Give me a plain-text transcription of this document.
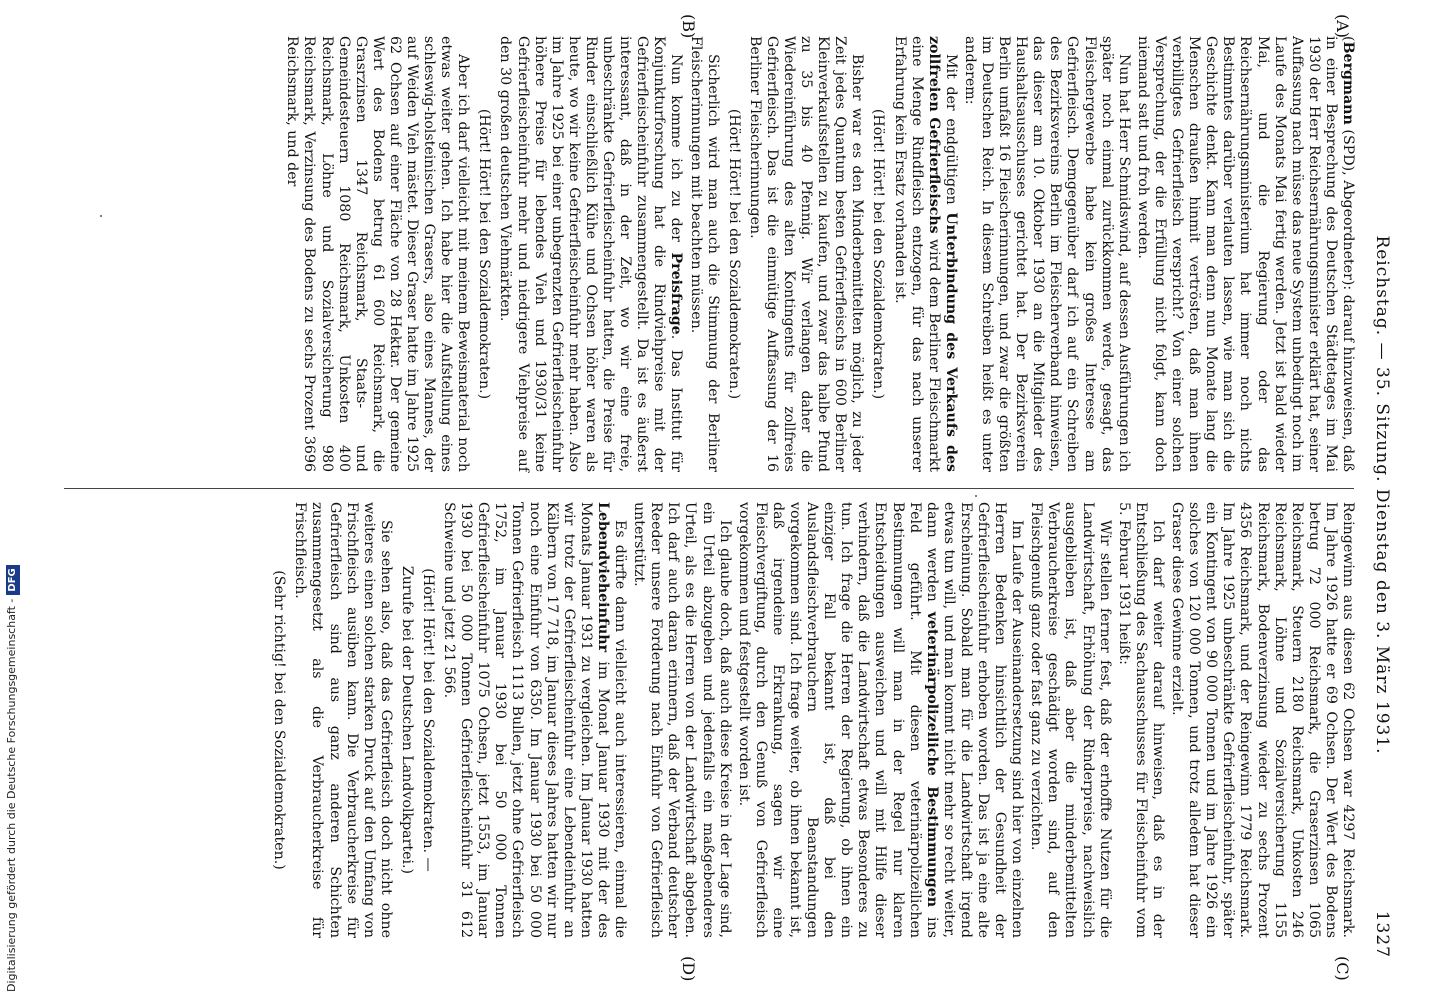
Reichstag. — 35. Sitzung. Dienstag den 3. März 1931.
1327
(A)
(B)
(C)
(D)

(Bergmann (SPD), Abgeordneter): darauf hinzuweisen, daß in einer Besprechung des Deutschen Städtetages im Mai 1930 der Herr Reichsernährungsminister erklärt hat, seiner Auffassung nach müsse das neue System unbedingt noch im Laufe des Monats Mai fertig werden. Jetzt ist bald wieder Mai, und die Regierung oder das Reichsernährungsministerium hat immer noch nichts Bestimmtes darüber verlauten lassen, wie man sich die Geschichte denkt. Kann man denn nun Monate lang die Menschen draußen hinmit vertrösten, daß man ihnen verbilligtes Gefrierfleisch verspricht? Von einer solchen Versprechung, der die Erfüllung nicht folgt, kann doch niemand satt und froh werden.

Nun hat Herr Schmidswind, auf dessen Ausführungen ich später noch einmal zurückkommen werde, gesagt, das Fleischergewerbe habe kein großes Interesse am Gefrierfleisch. Demgegenüber darf ich auf ein Schreiben des Bezirksvereins Berlin im Fleischerverband hinweisen, das dieser am 10. Oktober 1930 an die Mitglieder des Haushaltsausschusses gerichtet hat. Der Bezirksverein Berlin umfaßt 16 Fleischerinnungen, und zwar die größten im Deutschen Reich. In diesem Schreiben heißt es unter anderem:

Mit der endgültigen Unterbindung des Verkaufs des zollfreien Gefrierfleischs wird dem Berliner Fleischmarkt eine Menge Rindfleisch entzogen, für das nach unserer Erfahrung kein Ersatz vorhanden ist.

(Hört! Hört! bei den Sozialdemokraten.)

Bisher war es den Minderbemittelten möglich, zu jeder Zeit jedes Quantum besten Gefrierfleischs in 600 Berliner Kleinverkaufsstellen zu kaufen, und zwar das halbe Pfund zu 35 bis 40 Pfennig. Wir verlangen daher die Wiedereinführung des alten Kontingents für zollfreies Gefrierfleisch. Das ist die einmütige Auffassung der 16 Berliner Fleischerinnungen.

(Hört! Hört! bei den Sozialdemokraten.)

Sicherlich wird man auch die Stimmung der Berliner Fleischerinnungen mit beachten müssen.

Nun komme ich zu der Preisfrage. Das Institut für Konjunkturforschung hat die Rindviehpreise mit der Gefrierfleischeinfuhr zusammengestellt. Da ist es äußerst interessant, daß in der Zeit, wo wir eine freie, unbeschränkte Gefrierfleischeinfuhr hatten, die Preise für Rinder einschließlich Kühe und Ochsen höher waren als heute, wo wir keine Gefrierfleischeinfuhr mehr haben. Also im Jahre 1925 bei einer unbegrenzten Gefrierfleischeinfuhr höhere Preise für lebendes Vieh und 1930/31 keine Gefrierfleischeinfuhr mehr und niedrigere Viehpreise auf den 30 großen deutschen Viehmärkten.

(Hört! Hört! bei den Sozialdemokraten.)

Aber ich darf vielleicht mit meinem Beweismaterial noch etwas weiter gehen. Ich habe hier die Aufstellung eines schleswig-holsteinischen Grasers, also eines Mannes, der auf Weiden Vieh mästet. Dieser Graser hatte im Jahre 1925 62 Ochsen auf einer Fläche von 28 Hektar. Der gemeine Wert des Bodens betrug 61 600 Reichsmark, die Grasrzinsen 1347 Reichsmark, Staats- und Gemeindesteuern 1080 Reichsmark, Unkosten 400 Reichsmark, Löhne und Sozialversicherung 980 Reichsmark, Verzinsung des Bodens zu sechs Prozent 3696 Reichsmark, und der

Reingewinn aus diesen 62 Ochsen war 4297 Reichsmark. Im Jahre 1926 hatte er 69 Ochsen. Der Wert des Bodens betrug 72 000 Reichsmark, die Graserzinsen 1065 Reichsmark, Steuern 2180 Reichsmark, Unkosten 246 Reichsmark, Löhne und Sozialversicherung 1155 Reichsmark, Bodenverzinsung wieder zu sechs Prozent 4356 Reichsmark, und der Reingewinn 1779 Reichsmark. Im Jahre 1925 unbeschränkte Gefrierfleischeinfuhr, später ein Kontingent von 90 000 Tonnen und im Jahre 1926 ein solches von 120 000 Tonnen, und trotz alledem hat dieser Graser diese Gewinne erzielt.

Ich darf weiter darauf hinweisen, daß es in der Entschließung des Sachausschusses für Fleischeinfuhr vom 5. Februar 1931 heißt:

Wir stellen ferner fest, daß der erhoffte Nutzen für die Landwirtschaft, Erhöhung der Rinderpreise, nachweislich ausgeblieben ist, daß aber die minderbemittelten Verbraucherkreise geschädigt worden sind, auf den Fleischgenuß ganz oder fast ganz zu verzichten.

Im Laufe der Auseinandersetzung sind hier von einzelnen Herren Bedenken hinsichtlich der Gesundheit der Gefrierfleischeinfuhr erhoben worden. Das ist ja eine alte Erscheinung. Sobald man für die Landwirtschaft irgend etwas tun will, und man kommt nicht mehr so recht weiter, dann werden veterinärpolizeiliche Bestimmungen ins Feld geführt. Mit diesen veterinärpolizeilichen Bestimmungen will man in der Regel nur klaren Entscheidungen ausweichen und will mit Hilfe dieser verhindern, daß die Landwirtschaft etwas Besonderes zu tun. Ich frage die Herren der Regierung, ob ihnen ein einziger Fall bekannt ist, daß bei den Auslandsfleischverbrauchern Beanstandungen vorgekommen sind. Ich frage weiter, ob ihnen bekannt ist, daß irgendeine Erkrankung, sagen wir eine Fleischvergiftung, durch den Genuß von Gefrierfleisch vorgekommen und festgestellt worden ist.

Ich glaube doch, daß auch diese Kreise in der Lage sind, ein Urteil abzugeben und jedenfalls ein maßgebenderes Urteil, als es die Herren von der Landwirtschaft abgeben. Ich darf auch daran erinnern, daß der Verband deutscher Reeder unsere Forderung nach Einfuhr von Gefrierfleisch unterstützt.

Es dürfte dann vielleicht auch interessieren, einmal die Lebendvieheinfuhr im Monat Januar 1930 mit der des Monats Januar 1931 zu vergleichen. Im Januar 1930 hatten wir trotz der Gefrierfleischeinfuhr eine Lebendeinfuhr an Kälbern von 17 718, im Januar dieses Jahres hatten wir nur noch eine Einfuhr von 6350. Im Januar 1930 bei 50 000 Tonnen Gefrierfleisch 1113 Bullen, jetzt ohne Gefrierfleisch 1752, im Januar 1930 bei 50 000 Tonnen Gefrierfleischeinfuhr 1075 Ochsen, jetzt 1553, im Januar 1930 bei 50 000 Tonnen Gefrierfleischeinfuhr 31 612 Schweine und jetzt 21 566.

(Hört! Hört! bei den Sozialdemokraten. —

Zurufe bei der Deutschen Landvolkpartei.)

Sie sehen also, daß das Gefrierfleisch doch nicht ohne weiteres einen solchen starken Druck auf den Umfang von Frischfleisch ausüben kann. Die Verbraucherkreise für Gefrierfleisch sind aus ganz anderen Schichten zusammengesetzt als die Verbraucherkreise für Frischfleisch.

(Sehr richtig! bei den Sozialdemokraten.)

Digitalisierung gefördert durch die Deutsche Forschungsgemeinschaft -DFG
